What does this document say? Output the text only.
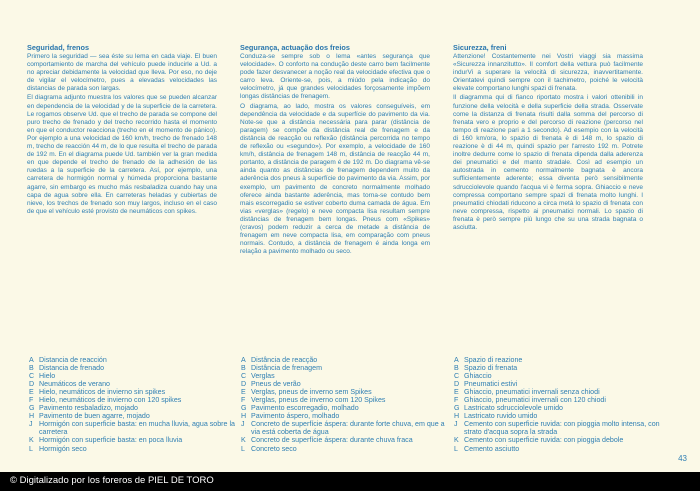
Seguridad, frenos

Primero la seguridad — sea éste su lema en cada viaje. El buen comportamiento de marcha del vehículo puede inducirle a Ud. a no apreciar debidamente la velocidad que lleva. Por eso, no deje de vigilar el velocímetro, pues a elevadas velocidades las distancias de parada son largas.

El diagrama adjunto muestra los valores que se pueden alcanzar en dependencia de la velocidad y de la superficie de la carretera. Le rogamos observe Ud. que el trecho de parada se compone del puro trecho de frenado y del trecho recorrido hasta el momento en que el conductor reacciona (trecho en el momento de pánico). Por ejemplo a una velocidad de 160 km/h, trecho de frenado 148 m, trecho de reacción 44 m, de lo que resulta el trecho de parada de 192 m. En el diagrama puede Ud. también ver la gran medida en que depende el trecho de frenado de la adhesión de las ruedas a la superficie de la carretera. Así, por ejemplo, una carretera de hormigón normal y húmeda proporciona bastante agarre, sin embargo es mucho más resbaladiza cuando hay una capa de agua sobre ella. En carreteras heladas y cubiertas de nieve, los trechos de frenado son muy largos, incluso en el caso de que el vehículo esté provisto de neumáticos con spikes.

Segurança, actuação dos freios

Conduza-se sempre sob o lema «antes segurança que velocidade». O conforto na condução deste carro bem facilmente pode fazer desvanecer a noção real da velocidade efectiva que o carro leva. Oriente-se, pois, a miúdo pela indicação do velocímetro, já que grandes velocidades forçosamente impõem longas distâncias de frenagem.

O diagrama, ao lado, mostra os valores conseguíveis, em dependência da velocidade e da superfície do pavimento da via. Note-se que a distância necessária para parar (distância de paragem) se compõe da distância real de frenagem e da distância de reacção ou reflexão (distância percorrida no tempo de reflexão ou «segundo»). Por exemplo, a velocidade de 160 km/h, distância de frenagem 148 m, distância de reacção 44 m, portanto, a distância de paragem é de 192 m. Do diagrama vê-se ainda quanto as distâncias de frenagem dependem muito da aderência dos pneus à superfície do pavimento da via. Assim, por exemplo, um pavimento de concreto normalmente molhado oferece ainda bastante aderência, mas torna-se contudo bem mais escorregadio se estiver coberto duma camada de água. Em vias «verglas» (regelo) e neve compacta lisa resultam sempre distâncias de frenagem bem longas. Pneus com «Spikes» (cravos) podem reduzir a cerca de metade a distância de frenagem em neve compacta lisa, em comparação com pneus normais. Contudo, a distância de frenagem é ainda longa em relação a pavimento molhado ou seco.

Sicurezza, freni

Attenzione! Costantemente nei Vostri viaggi sia massima «Sicurezza innanzitutto». Il comfort della vettura può facilmente indurVi a superare la velocità di sicurezza, inavvertitamente. Orientatevi quindi sempre con il tachimetro, poiché le velocità elevate comportano lunghi spazi di frenata.

Il diagramma qui di fianco riportato mostra i valori ottenibili in funzione della velocità e della superficie della strada. Osservate come la distanza di frenata risulti dalla somma del percorso di frenata vero e proprio e del percorso di reazione (percorso nel tempo di reazione pari a 1 secondo). Ad esempio con la velocità di 160 km/ora, lo spazio di frenata è di 148 m, lo spazio di reazione è di 44 m, quindi spazio per l'arresto 192 m. Potrete inoltre dedurre come lo spazio di frenata dipenda dalla aderenza dei pneumatici e del manto stradale. Così ad esempio un autostrada in cemento normalmente bagnata è ancora sufficientemente aderente; essa diventa però sensibilmente sdrucciolevole quando l'acqua vi è ferma sopra. Ghiaccio e neve compressa comportano sempre spazi di frenata molto lunghi. I pneumatici chiodati riducono a circa metà lo spazio di frenata con neve compressa, rispetto ai pneumatici normali. Lo spazio di frenata è però sempre più lungo che su una strada bagnata o asciutta.

A Distancia de reacción
B Distancia de frenado
C Hielo
D Neumáticos de verano
E Hielo, neumáticos de invierno sin spikes
F Hielo, neumáticos de invierno con 120 spikes
G Pavimento resbaladizo, mojado
H Pavimento de buen agarre, mojado
J Hormigón con superficie basta: en mucha lluvia, agua sobre la carretera
K Hormigón con superficie basta: en poca lluvia
L Hormigón seco
A Distância de reacção
B Distância de frenagem
C Verglas
D Pneus de verão
E Verglas, pneus de inverno sem Spikes
F Verglas, pneus de inverno com 120 Spikes
G Pavimento escorregadio, molhado
H Pavimento áspero, molhado
J Concreto de superfície áspera: durante forte chuva, em que a via está coberta de água
K Concreto de superfície áspera: durante chuva fraca
L Concreto seco
A Spazio di reazione
B Spazio di frenata
C Ghiaccio
D Pneumatici estivi
E Ghiaccio, pneumatici invernali senza chiodi
F Ghiaccio, pneumatici invernali con 120 chiodi
G Lastricato sdrucciolevole umido
H Lastricato ruvido umido
J Cemento con superficie ruvida: con pioggia molto intensa, con strato d'acqua sopra la strada
K Cemento con superficie ruvida: con pioggia debole
L Cemento asciutto
43
© Digitalizado por los foreros de PIEL DE TORO
